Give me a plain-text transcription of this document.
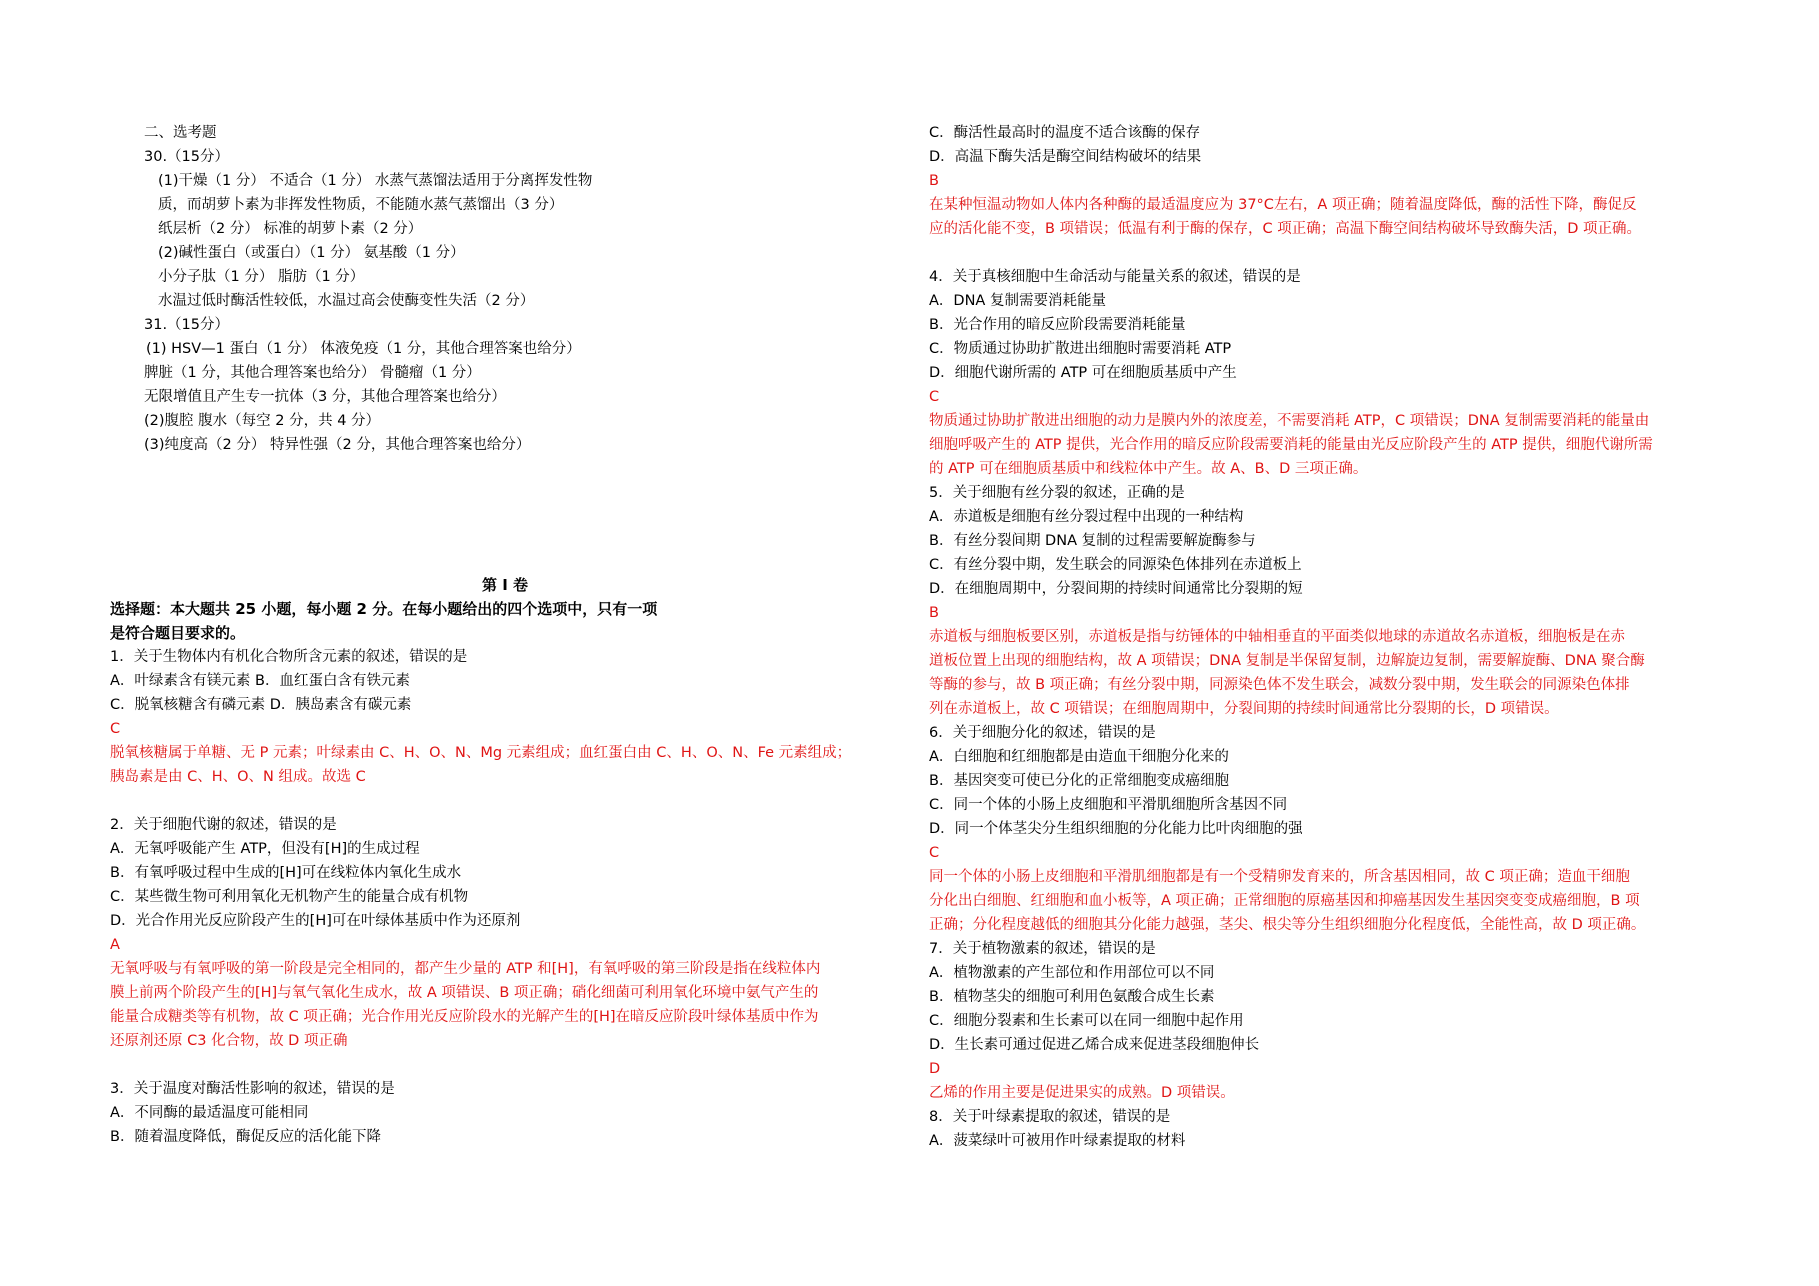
二、选考题
30.（15分）
(1)干燥（1 分） 不适合（1 分） 水蒸气蒸馏法适用于分离挥发性物
质，而胡萝卜素为非挥发性物质，不能随水蒸气蒸馏出（3 分）
纸层析（2 分） 标准的胡萝卜素（2 分）
(2)碱性蛋白（或蛋白）（1 分） 氨基酸（1 分）
小分子肽（1 分） 脂肪（1 分）
水温过低时酶活性较低，水温过高会使酶变性失活（2 分）
31.（15分）
(1) HSV—1 蛋白（1 分） 体液免疫（1 分，其他合理答案也给分）
脾脏（1 分，其他合理答案也给分） 骨髓瘤（1 分）
无限增值且产生专一抗体（3 分，其他合理答案也给分）
(2)腹腔 腹水（每空 2 分，共 4 分）
(3)纯度高（2 分） 特异性强（2 分，其他合理答案也给分）
第 I 卷
选择题：本大题共 25 小题，每小题 2 分。在每小题给出的四个选项中，只有一项
是符合题目要求的。
1．关于生物体内有机化合物所含元素的叙述，错误的是
A．叶绿素含有镁元素 B．血红蛋白含有铁元素
C．脱氧核糖含有磷元素 D．胰岛素含有碳元素
C
脱氧核糖属于单糖、无 P 元素；叶绿素由 C、H、O、N、Mg 元素组成；血红蛋白由 C、H、O、N、Fe 元素组成；
胰岛素是由 C、H、O、N 组成。故选 C
2．关于细胞代谢的叙述，错误的是
A．无氧呼吸能产生 ATP，但没有[H]的生成过程
B．有氧呼吸过程中生成的[H]可在线粒体内氧化生成水
C．某些微生物可利用氧化无机物产生的能量合成有机物
D．光合作用光反应阶段产生的[H]可在叶绿体基质中作为还原剂
A
无氧呼吸与有氧呼吸的第一阶段是完全相同的，都产生少量的 ATP 和[H]，有氧呼吸的第三阶段是指在线粒体内
膜上前两个阶段产生的[H]与氧气氧化生成水，故 A 项错误、B 项正确；硝化细菌可利用氧化环境中氨气产生的
能量合成糖类等有机物，故 C 项正确；光合作用光反应阶段水的光解产生的[H]在暗反应阶段叶绿体基质中作为
还原剂还原 C3 化合物，故 D 项正确
3．关于温度对酶活性影响的叙述，错误的是
A．不同酶的最适温度可能相同
B．随着温度降低，酶促反应的活化能下降
C．酶活性最高时的温度不适合该酶的保存
D．高温下酶失活是酶空间结构破坏的结果
B
在某种恒温动物如人体内各种酶的最适温度应为 37°C左右，A 项正确；随着温度降低，酶的活性下降，酶促反
应的活化能不变，B 项错误；低温有利于酶的保存，C 项正确；高温下酶空间结构破坏导致酶失活，D 项正确。
4．关于真核细胞中生命活动与能量关系的叙述，错误的是
A．DNA 复制需要消耗能量
B．光合作用的暗反应阶段需要消耗能量
C．物质通过协助扩散进出细胞时需要消耗 ATP
D．细胞代谢所需的 ATP 可在细胞质基质中产生
C
物质通过协助扩散进出细胞的动力是膜内外的浓度差，不需要消耗 ATP，C 项错误；DNA 复制需要消耗的能量由
细胞呼吸产生的 ATP 提供，光合作用的暗反应阶段需要消耗的能量由光反应阶段产生的 ATP 提供，细胞代谢所需
的 ATP 可在细胞质基质中和线粒体中产生。故 A、B、D 三项正确。
5．关于细胞有丝分裂的叙述，正确的是
A．赤道板是细胞有丝分裂过程中出现的一种结构
B．有丝分裂间期 DNA 复制的过程需要解旋酶参与
C．有丝分裂中期，发生联会的同源染色体排列在赤道板上
D．在细胞周期中，分裂间期的持续时间通常比分裂期的短
B
赤道板与细胞板要区别，赤道板是指与纺锤体的中轴相垂直的平面类似地球的赤道故名赤道板，细胞板是在赤
道板位置上出现的细胞结构，故 A 项错误；DNA 复制是半保留复制，边解旋边复制，需要解旋酶、DNA 聚合酶
等酶的参与，故 B 项正确；有丝分裂中期，同源染色体不发生联会，减数分裂中期，发生联会的同源染色体排
列在赤道板上，故 C 项错误；在细胞周期中，分裂间期的持续时间通常比分裂期的长，D 项错误。
6．关于细胞分化的叙述，错误的是
A．白细胞和红细胞都是由造血干细胞分化来的
B．基因突变可使已分化的正常细胞变成癌细胞
C．同一个体的小肠上皮细胞和平滑肌细胞所含基因不同
D．同一个体茎尖分生组织细胞的分化能力比叶肉细胞的强
C
同一个体的小肠上皮细胞和平滑肌细胞都是有一个受精卵发育来的，所含基因相同，故 C 项正确；造血干细胞
分化出白细胞、红细胞和血小板等，A 项正确；正常细胞的原癌基因和抑癌基因发生基因突变变成癌细胞，B 项
正确；分化程度越低的细胞其分化能力越强，茎尖、根尖等分生组织细胞分化程度低，全能性高，故 D 项正确。
7．关于植物激素的叙述，错误的是
A．植物激素的产生部位和作用部位可以不同
B．植物茎尖的细胞可利用色氨酸合成生长素
C．细胞分裂素和生长素可以在同一细胞中起作用
D．生长素可通过促进乙烯合成来促进茎段细胞伸长
D
乙烯的作用主要是促进果实的成熟。D 项错误。
8．关于叶绿素提取的叙述，错误的是
A．菠菜绿叶可被用作叶绿素提取的材料
